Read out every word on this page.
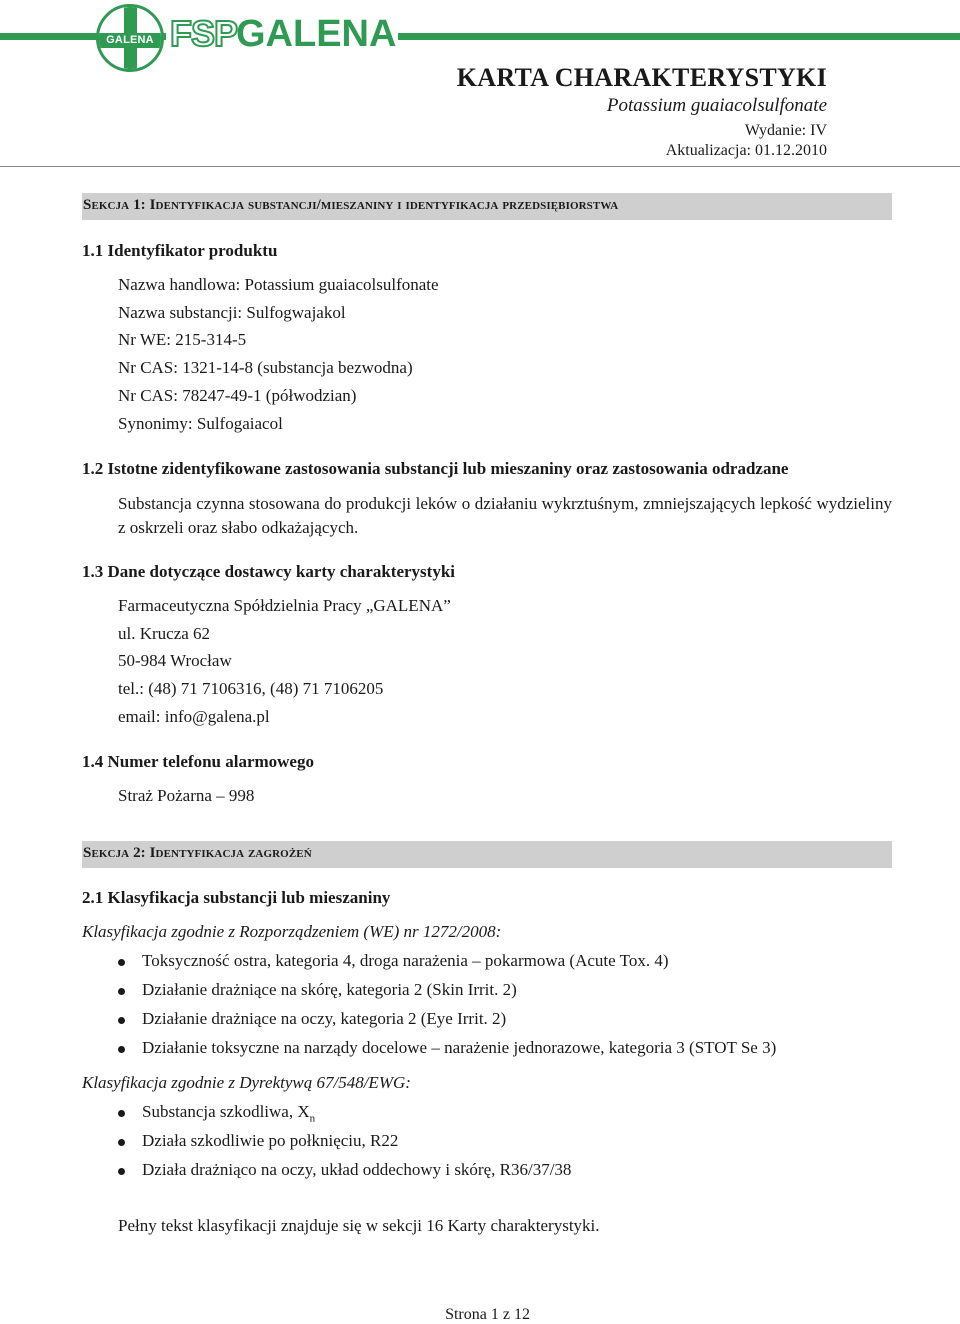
GALENA FSP
GALENA
KARTA CHARAKTERYSTYKI
Potassium guaiacolsulfonate
Wydanie: IV
Aktualizacja: 01.12.2010
Sekcja 1: Identyfikacja substancji/mieszaniny i identyfikacja przedsiębiorstwa
1.1 Identyfikator produktu
Nazwa handlowa: Potassium guaiacolsulfonate
Nazwa substancji: Sulfogwajakol
Nr WE: 215-314-5
Nr CAS: 1321-14-8 (substancja bezwodna)
Nr CAS: 78247-49-1 (półwodzian)
Synonimy: Sulfogaiacol
1.2 Istotne zidentyfikowane zastosowania substancji lub mieszaniny oraz zastosowania odradzane
Substancja czynna stosowana do produkcji leków o działaniu wykrztuśnym, zmniejszających lepkość wydzieliny z oskrzeli oraz słabo odkażających.
1.3 Dane dotyczące dostawcy karty charakterystyki
Farmaceutyczna Spółdzielnia Pracy „GALENA”
ul. Krucza 62
50-984 Wrocław
tel.: (48) 71 7106316, (48) 71 7106205
email: info@galena.pl
1.4 Numer telefonu alarmowego
Straż Pożarna – 998
Sekcja 2: Identyfikacja zagrożeń
2.1 Klasyfikacja substancji lub mieszaniny
Klasyfikacja zgodnie z Rozporządzeniem (WE) nr 1272/2008:
Toksyczność ostra, kategoria 4, droga narażenia – pokarmowa (Acute Tox. 4)
Działanie drażniące na skórę, kategoria 2 (Skin Irrit. 2)
Działanie drażniące na oczy, kategoria 2 (Eye Irrit. 2)
Działanie toksyczne na narządy docelowe – narażenie jednorazowe, kategoria 3 (STOT Se 3)
Klasyfikacja zgodnie z Dyrektywą 67/548/EWG:
Substancja szkodliwa, $X_n$
Działa szkodliwie po połknięciu, R22
Działa drażniąco na oczy, układ oddechowy i skórę, R36/37/38
Pełny tekst klasyfikacji znajduje się w sekcji 16 Karty charakterystyki.
Strona 1 z 12
